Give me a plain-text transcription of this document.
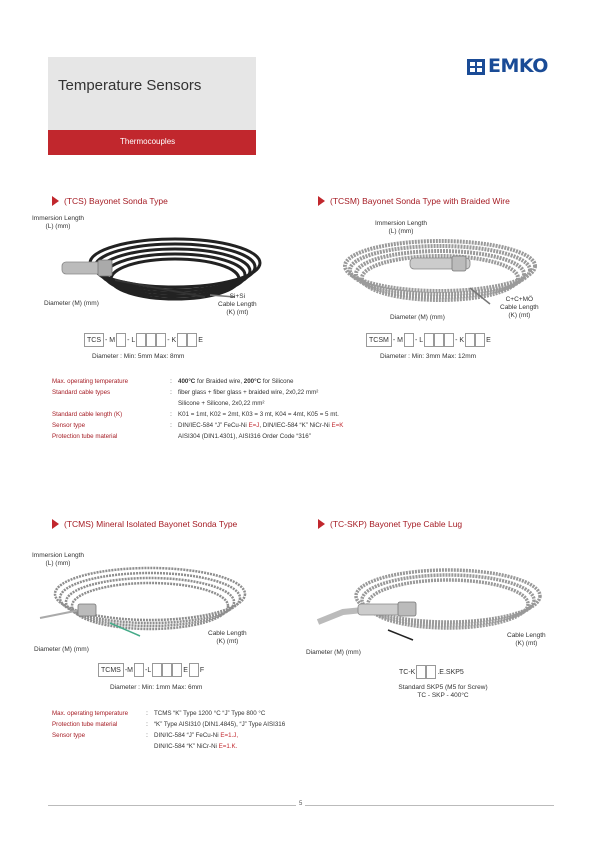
Temperature Sensors
Thermocouples
EMKO
(TCS)
Bayonet Sonda Type
Immersion Length
(L) (mm)
Diameter (M) (mm)
Si+Si
Cable Length
(K) (mt)
TCS - M - L	- K	E
Diameter : Min: 5mm Max: 8mm
(TCSM)
Bayonet Sonda Type with Braided Wire
Immersion Length
(L) (mm)
Diameter (M) (mm)
C+C+MÖ
Cable Length
(K) (mt)
TCSM - M - L	- K	E
Diameter : Min: 3mm Max: 12mm
Max. operating temperature	: 400°C for Braided wire, 200°C for Silicone
Standard cable types	: fiber glass + fiber glass + braided wire, 2x0,22 mm²
Silicone + Silicone, 2x0,22 mm²
Standard cable length (K)	: K01 = 1mt, K02 = 2mt, K03 = 3 mt, K04 = 4mt, K05 = 5 mt.
Sensor type	: DIN/IEC-584 “J” FeCu-Ni E=J, DIN/IEC-584 “K” NiCr-Ni E=K
Protection tube material	AISI304 (DIN1.4301), AISI316 Order Code “316”
(TCMS)
Mineral Isolated
Bayonet Sonda Type
Immersion Length
(L) (mm)
Diameter (M) (mm)
Cable Length
(K) (mt)
TCMS -M -L	E F
Diameter : Min: 1mm Max: 6mm
(TC-SKP)
Bayonet Type Cable Lug
Diameter (M) (mm)
Cable Length
(K) (mt)
TC-K	.E.SKP5
Standard SKP5 (M5 for Screw)
TC - SKP - 400°C
Max. operating temperature	: TCMS “K” Type 1200 °C “J” Type 800 °C
Protection tube material	: “K” Type AISI310 (DIN1.4845), “J” Type AISI316
Sensor type	: DIN/IC-584 “J” FeCu-Ni E=1.J,
DIN/IC-584 “K” NiCr-Ni E=1.K.
5
